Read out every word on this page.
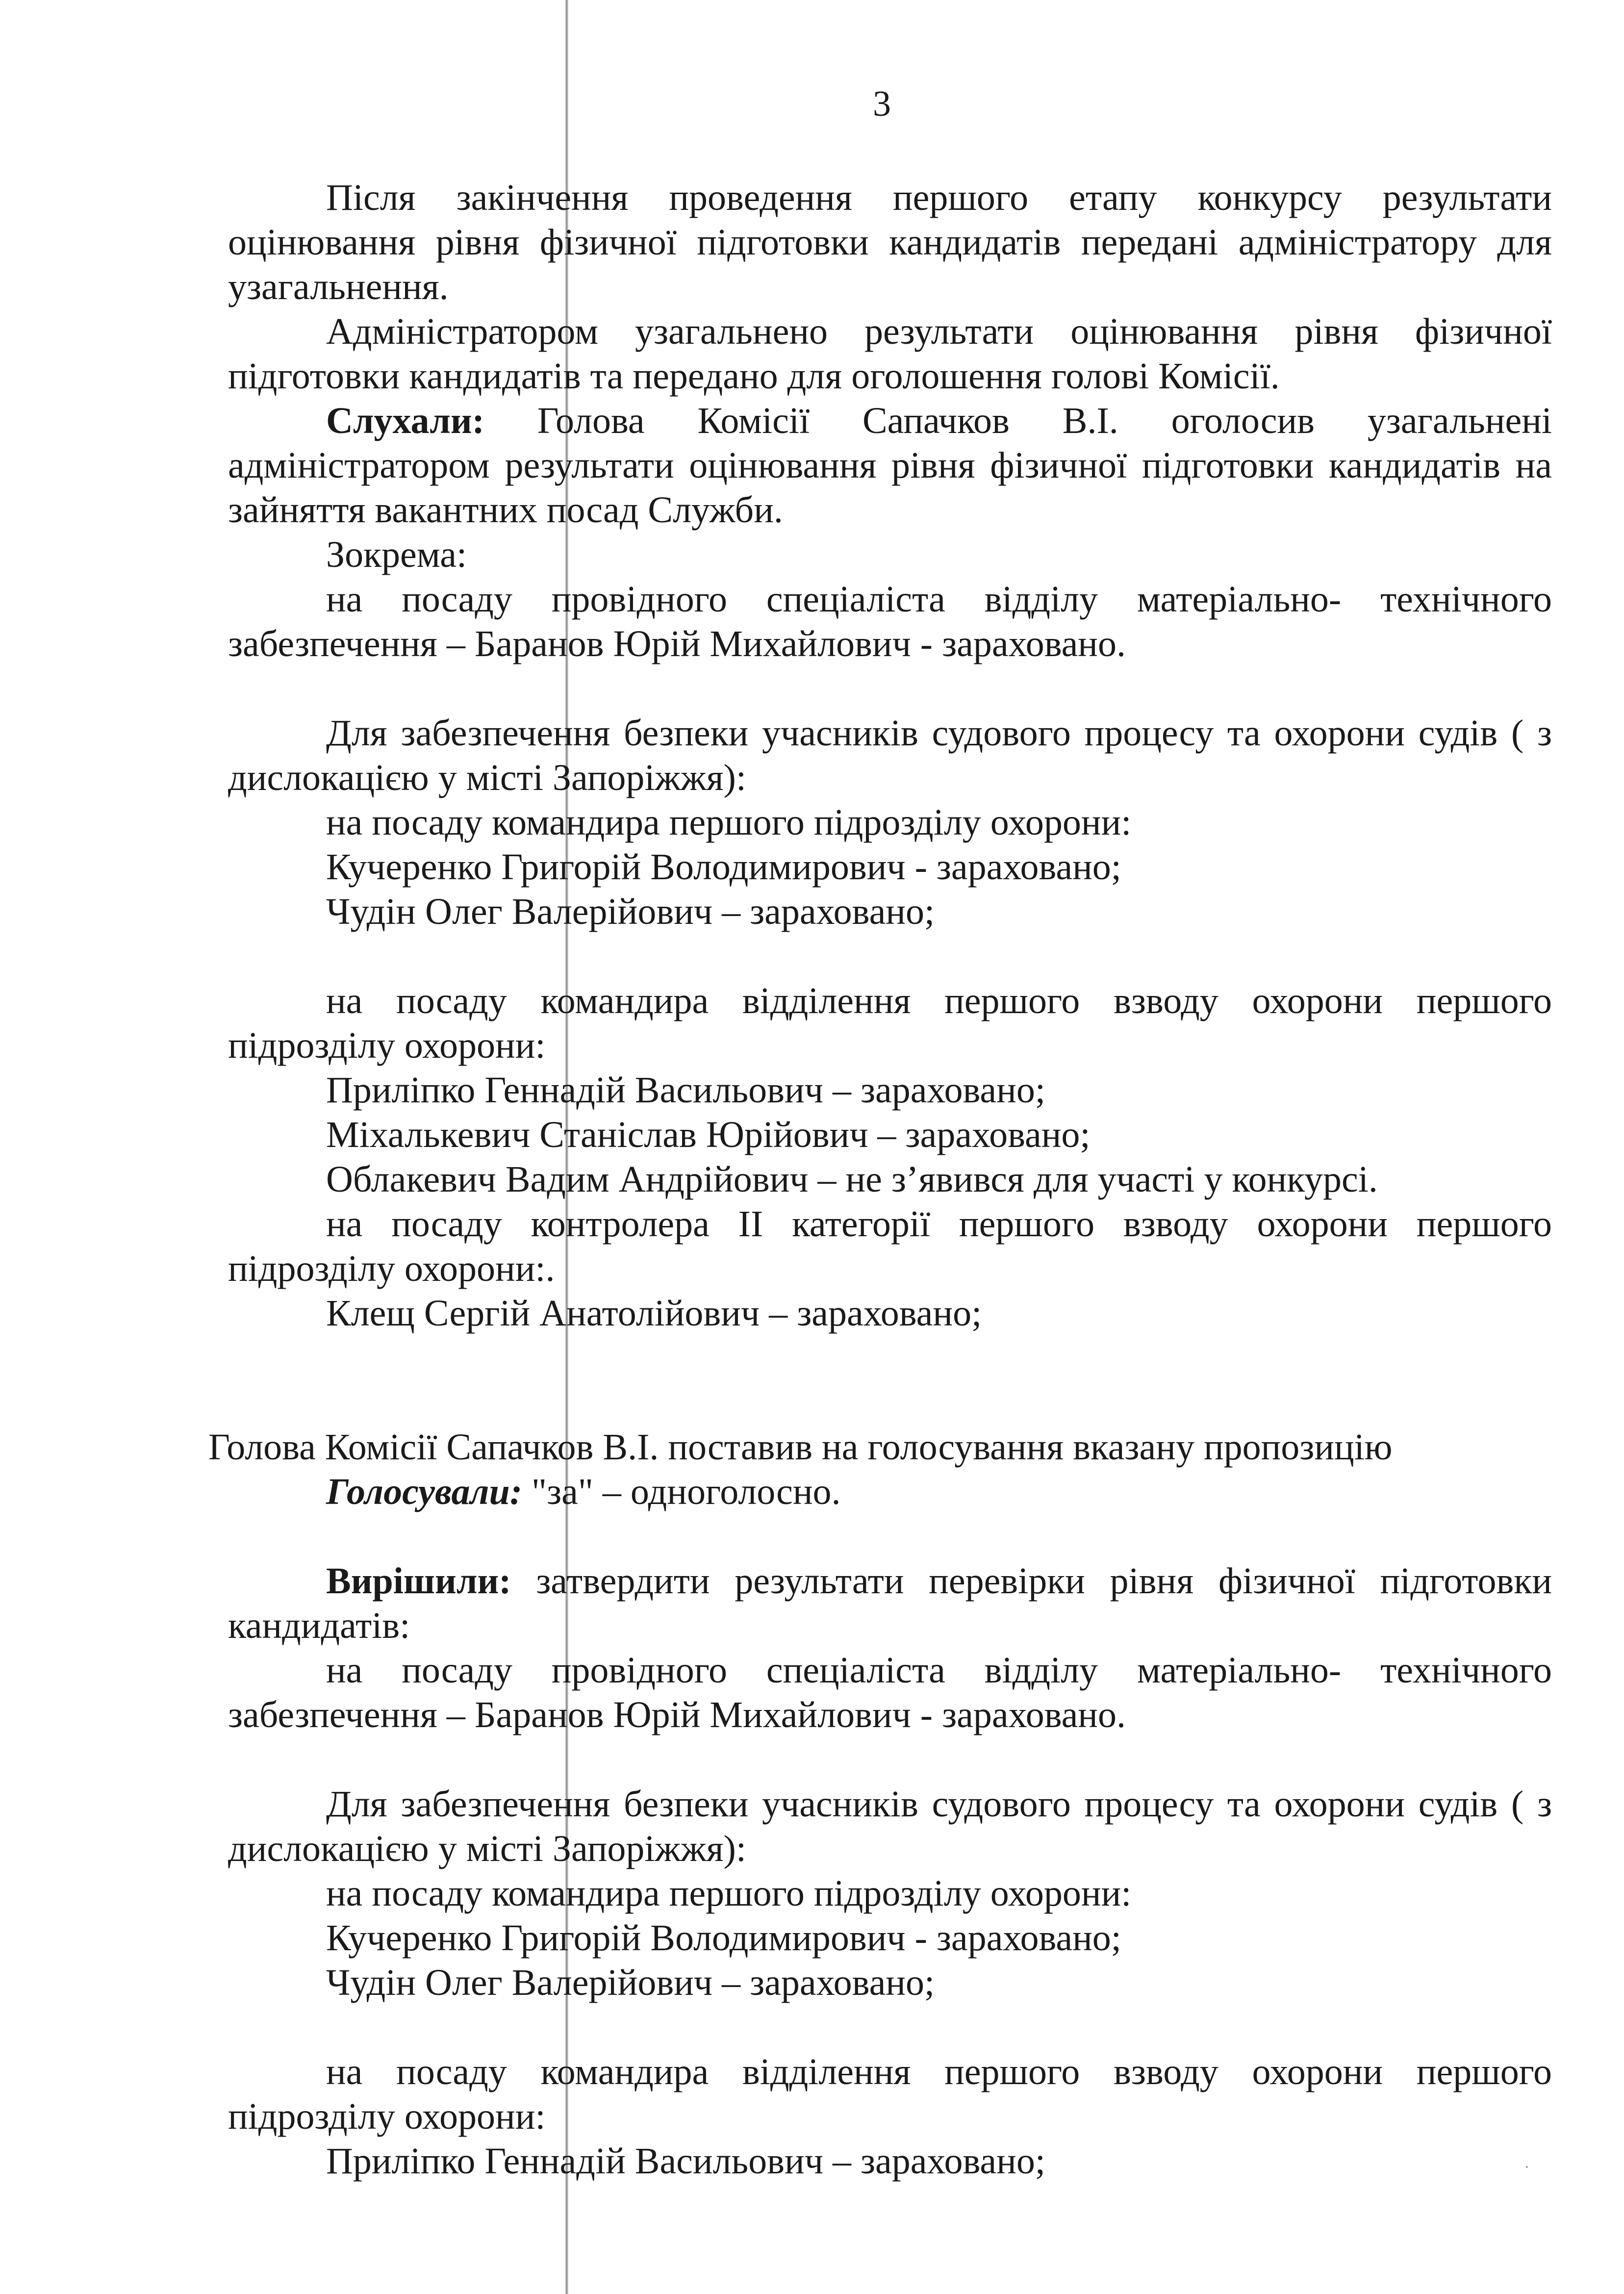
3

Після закінчення проведення першого етапу конкурсу результати оцінювання рівня фізичної підготовки кандидатів передані адміністратору для узагальнення.

Адміністратором узагальнено результати оцінювання рівня фізичної підготовки кандидатів та передано для оголошення голові Комісії.

Слухали: Голова Комісії Сапачков В.І. оголосив узагальнені адміністратором результати оцінювання рівня фізичної підготовки кандидатів на зайняття вакантних посад Служби.

Зокрема:

на посаду провідного спеціаліста відділу матеріально- технічного забезпечення – Баранов Юрій Михайлович - зараховано.

Для забезпечення безпеки учасників судового процесу та охорони судів ( з дислокацією у місті Запоріжжя):

на посаду командира першого підрозділу охорони:

Кучеренко Григорій Володимирович - зараховано;

Чудін Олег Валерійович – зараховано;

на посаду командира відділення першого взводу охорони першого підрозділу охорони:

Приліпко Геннадій Васильович – зараховано;

Міхалькевич Станіслав Юрійович – зараховано;

Облакевич Вадим Андрійович – не з’явився для участі у конкурсі.

на посаду контролера ІІ категорії першого взводу охорони першого підрозділу охорони:.

Клещ Сергій Анатолійович – зараховано;

Голова Комісії Сапачков В.І. поставив на голосування вказану пропозицію

Голосували: "за" – одноголосно.

Вирішили: затвердити результати перевірки рівня фізичної підготовки кандидатів:

на посаду провідного спеціаліста відділу матеріально- технічного забезпечення – Баранов Юрій Михайлович - зараховано.

Для забезпечення безпеки учасників судового процесу та охорони судів ( з дислокацією у місті Запоріжжя):

на посаду командира першого підрозділу охорони:

Кучеренко Григорій Володимирович - зараховано;

Чудін Олег Валерійович – зараховано;

на посаду командира відділення першого взводу охорони першого підрозділу охорони:

Приліпко Геннадій Васильович – зараховано;
